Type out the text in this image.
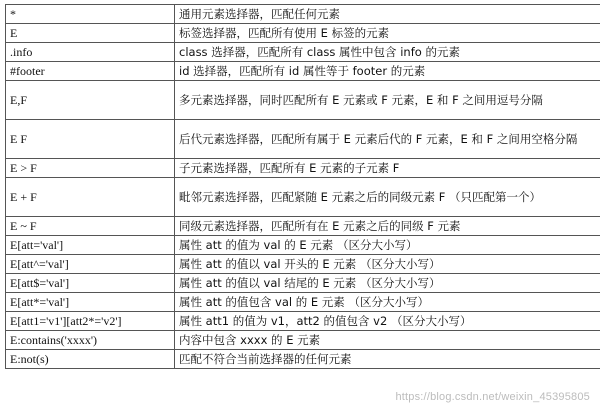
*	通用元素选择器，匹配任何元素
E	标签选择器，匹配所有使用 E 标签的元素
.info	class 选择器，匹配所有 class 属性中包含 info 的元素
#footer	id 选择器，匹配所有 id 属性等于 footer 的元素
E,F	多元素选择器，同时匹配所有 E 元素或 F 元素，E 和 F 之间用逗号分隔
E F	后代元素选择器，匹配所有属于 E 元素后代的 F 元素，E 和 F 之间用空格分隔
E > F	子元素选择器，匹配所有 E 元素的子元素 F
E + F	毗邻元素选择器，匹配紧随 E 元素之后的同级元素 F （只匹配第一个）
E ~ F	同级元素选择器，匹配所有在 E 元素之后的同级 F 元素
E[att='val']	属性 att 的值为 val 的 E 元素 （区分大小写）
E[att^='val']	属性 att 的值以 val 开头的 E 元素 （区分大小写）
E[att$='val']	属性 att 的值以 val 结尾的 E 元素 （区分大小写）
E[att*='val']	属性 att 的值包含 val 的 E 元素 （区分大小写）
E[att1='v1'][att2*='v2']	属性 att1 的值为 v1，att2 的值包含 v2 （区分大小写）
E:contains('xxxx')	内容中包含 xxxx 的 E 元素
E:not(s)	匹配不符合当前选择器的任何元素
https://blog.csdn.net/weixin_45395805
